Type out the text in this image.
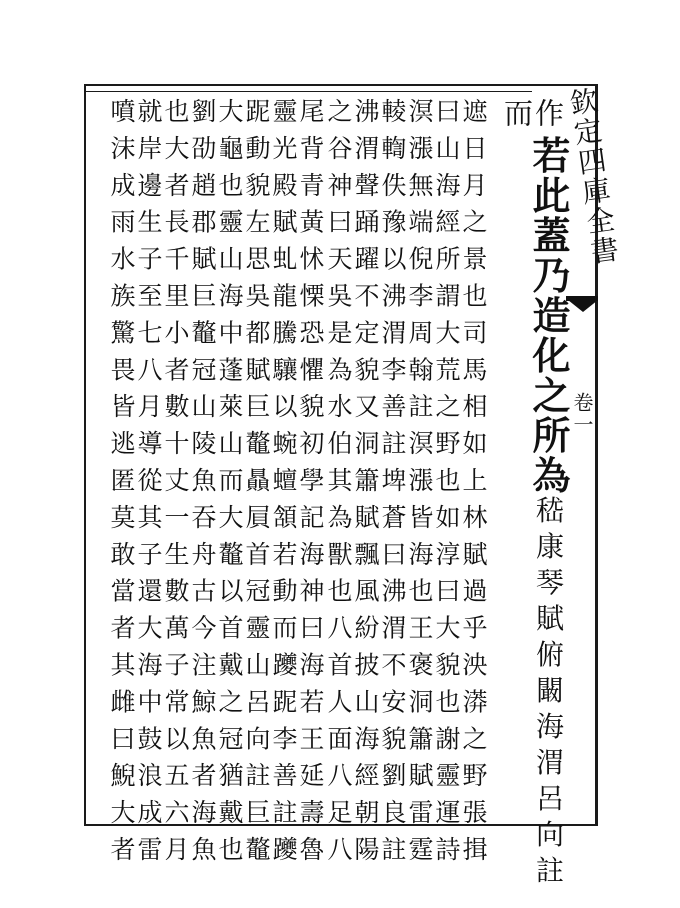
欽定四庫全書
卷一
作若此蓋乃造化之所為嵇康琴賦俯闞海渭呂向註
而
遮日月之景也司馬相如上林賦過乎泱漭之野張揖
曰山海經所謂大荒之野也如淳曰大貌也謝靈運詩
溟漲無端倪李周翰註溟漲皆海也王褒洞簫賦雷霆
輘輷佚豫以沸渭李善註埤蒼曰沸渭不安貌劉良註
沸渭聲踊躍不定貌又洞簫賦飄風紛披山海經朝陽
之谷神曰天吳是為水伯其為獸也八首人面八足八
尾背青黃怵慄恐懼貌初學記海神曰海若王延壽魯
靈光殿賦虬龍騰驤以蜿蟺頷若動而躨跜李善註躨
跜動貌左思吳都賦巨鼇贔屓首冠靈山呂向註巨鼇
大龜也靈山海中蓬萊山而大鼇以首戴之冠猶戴也
劉劭趙郡賦巨鼇冠山陵魚吞舟古今注鯨魚者海魚
也大者長千里小者數十丈一生數萬子常以五六月
就岸邊生子至七八月導從其子還大海中鼓浪成雷
噴沫成雨水族驚畏皆逃匿莫敢當者其雌曰鯢大者
